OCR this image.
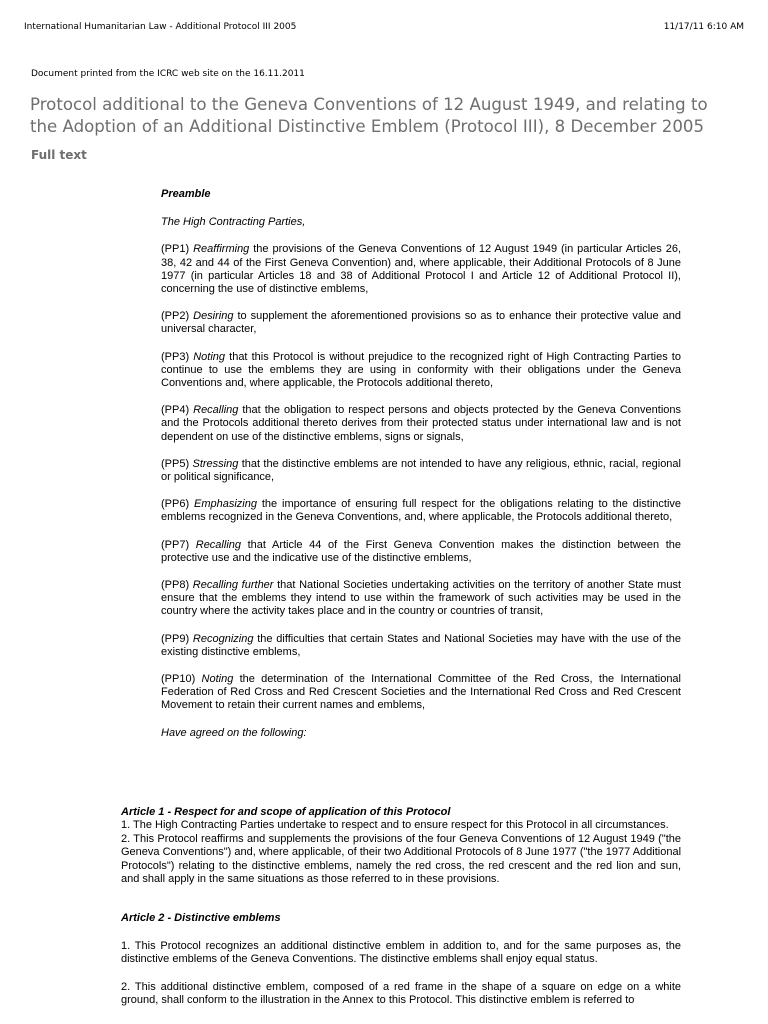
International Humanitarian Law - Additional Protocol III 2005	11/17/11 6:10 AM
Document printed from the ICRC web site on the 16.11.2011
Protocol additional to the Geneva Conventions of 12 August 1949, and relating to the Adoption of an Additional Distinctive Emblem (Protocol III), 8 December 2005
Full text

Preamble

The High Contracting Parties,

(PP1) Reaffirming the provisions of the Geneva Conventions of 12 August 1949 (in particular Articles 26, 38, 42 and 44 of the First Geneva Convention) and, where applicable, their Additional Protocols of 8 June 1977 (in particular Articles 18 and 38 of Additional Protocol I and Article 12 of Additional Protocol II), concerning the use of distinctive emblems,

(PP2) Desiring to supplement the aforementioned provisions so as to enhance their protective value and universal character,

(PP3) Noting that this Protocol is without prejudice to the recognized right of High Contracting Parties to continue to use the emblems they are using in conformity with their obligations under the Geneva Conventions and, where applicable, the Protocols additional thereto,

(PP4) Recalling that the obligation to respect persons and objects protected by the Geneva Conventions and the Protocols additional thereto derives from their protected status under international law and is not dependent on use of the distinctive emblems, signs or signals,

(PP5) Stressing that the distinctive emblems are not intended to have any religious, ethnic, racial, regional or political significance,

(PP6) Emphasizing the importance of ensuring full respect for the obligations relating to the distinctive emblems recognized in the Geneva Conventions, and, where applicable, the Protocols additional thereto,

(PP7) Recalling that Article 44 of the First Geneva Convention makes the distinction between the protective use and the indicative use of the distinctive emblems,

(PP8) Recalling further that National Societies undertaking activities on the territory of another State must ensure that the emblems they intend to use within the framework of such activities may be used in the country where the activity takes place and in the country or countries of transit,

(PP9) Recognizing the difficulties that certain States and National Societies may have with the use of the existing distinctive emblems,

(PP10) Noting the determination of the International Committee of the Red Cross, the International Federation of Red Cross and Red Crescent Societies and the International Red Cross and Red Crescent Movement to retain their current names and emblems,

Have agreed on the following:

Article 1 - Respect for and scope of application of this Protocol

1. The High Contracting Parties undertake to respect and to ensure respect for this Protocol in all circumstances.

2. This Protocol reaffirms and supplements the provisions of the four Geneva Conventions of 12 August 1949 ("the Geneva Conventions") and, where applicable, of their two Additional Protocols of 8 June 1977 ("the 1977 Additional Protocols") relating to the distinctive emblems, namely the red cross, the red crescent and the red lion and sun, and shall apply in the same situations as those referred to in these provisions.

Article 2 - Distinctive emblems

1. This Protocol recognizes an additional distinctive emblem in addition to, and for the same purposes as, the distinctive emblems of the Geneva Conventions. The distinctive emblems shall enjoy equal status.

2. This additional distinctive emblem, composed of a red frame in the shape of a square on edge on a white ground, shall conform to the illustration in the Annex to this Protocol. This distinctive emblem is referred to
